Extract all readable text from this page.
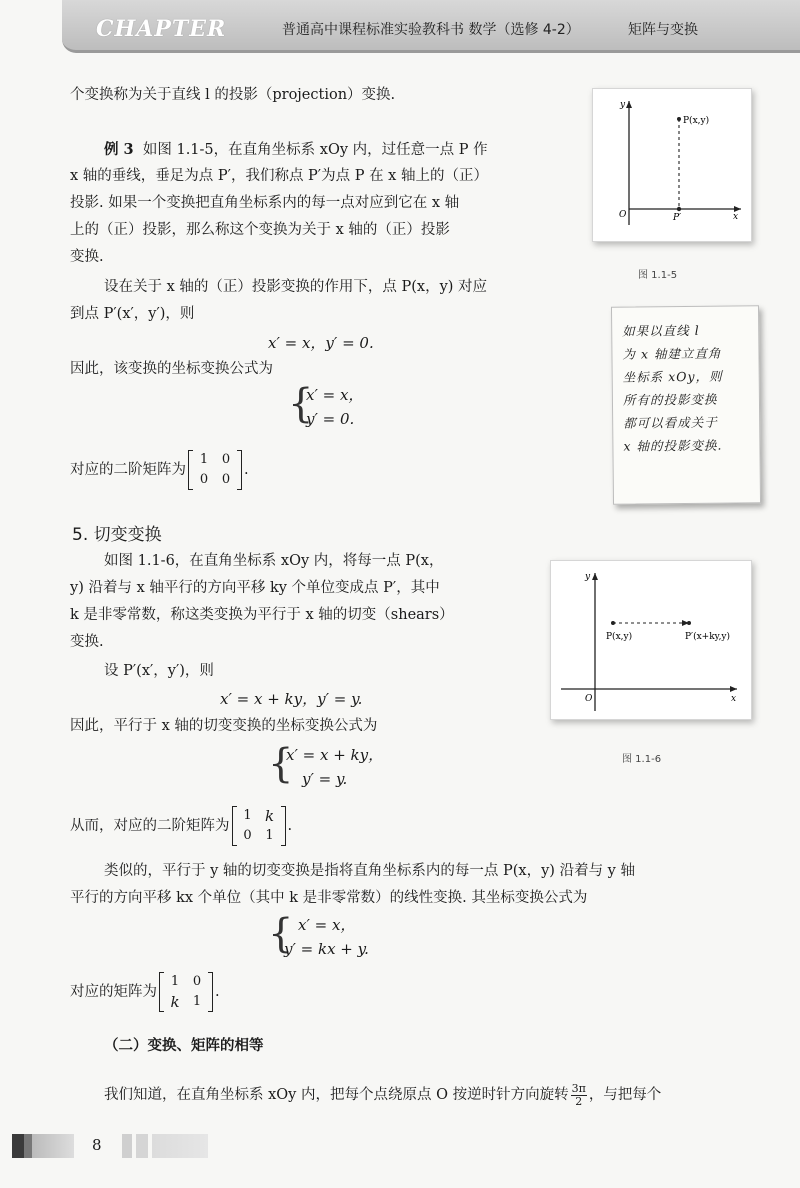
CHAPTER	普通高中课程标准实验教科书 数学（选修 4-2）	矩阵与变换
个变换称为关于直线 l 的投影（projection）变换.
例 3 如图 1.1-5，在直角坐标系 xOy 内，过任意一点 P 作
x 轴的垂线，垂足为点 P′，我们称点 P′为点 P 在 x 轴上的（正）
投影. 如果一个变换把直角坐标系内的每一点对应到它在 x 轴
上的（正）投影，那么称这个变换为关于 x 轴的（正）投影
变换.
设在关于 x 轴的（正）投影变换的作用下，点 P(x，y) 对应
到点 P′(x′，y′)，则
x′ = x，y′ = 0.
因此，该变换的坐标变换公式为
{
x′ = x，
y′ = 0.
对应的二阶矩阵为
1	0
0	0
.
P(x,y)
P′
O	x
y
图 1.1-5
如果以直线 l
为 x 轴建立直角
坐标系 xOy，则
所有的投影变换
都可以看成关于
x 轴的投影变换.
5. 切变变换
如图 1.1-6，在直角坐标系 xOy 内，将每一点 P(x，
y) 沿着与 x 轴平行的方向平移 ky 个单位变成点 P′，其中
k 是非零常数，称这类变换为平行于 x 轴的切变（shears）
变换.
设 P′(x′，y′)，则
x′ = x + ky，y′ = y.
因此，平行于 x 轴的切变变换的坐标变换公式为
{
x′ = x + ky，
y′ = y.
从而，对应的二阶矩阵为
1 k
0	1
.
类似的，平行于 y 轴的切变变换是指将直角坐标系内的每一点 P(x，y) 沿着与 y 轴
平行的方向平移 kx 个单位（其中 k 是非零常数）的线性变换. 其坐标变换公式为
{ x′ = x，
y′ = kx + y.
对应的矩阵为
1	0
k	1
.
P(x,y)	P′(x+ky,y)
O	x
y
图 1.1-6
（二）变换、矩阵的相等
我们知道，在直角坐标系 xOy 内，把每个点绕原点 O 按逆时针方向旋转 $\frac{3\pi}{2}$ ，与把每个
8
